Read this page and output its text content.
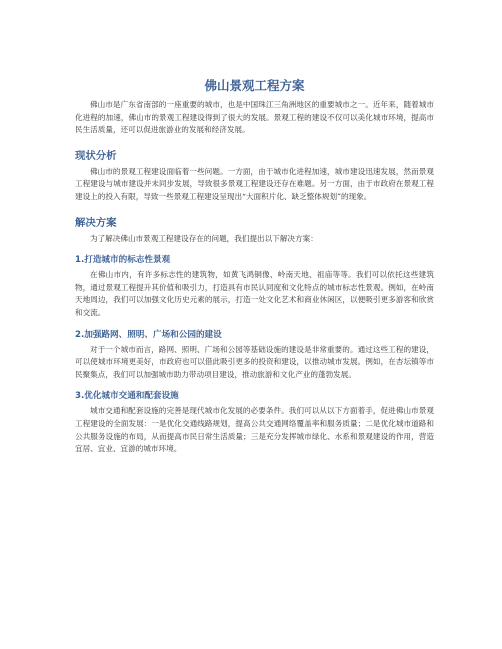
佛山景观工程方案

佛山市是广东省南部的一座重要的城市，也是中国珠江三角洲地区的重要城市之一。近年来，随着城市化进程的加速，佛山市的景观工程建设得到了很大的发展。景观工程的建设不仅可以美化城市环境，提高市民生活质量，还可以促进旅游业的发展和经济发展。

现状分析

佛山市的景观工程建设面临着一些问题。一方面，由于城市化进程加速，城市建设迅速发展，然而景观工程建设与城市建设并未同步发展，导致很多景观工程建设还存在难题。另一方面，由于市政府在景观工程建设上的投入有限，导致一些景观工程建设呈现出“大面积片化、缺乏整体规划”的现象。

解决方案

为了解决佛山市景观工程建设存在的问题，我们提出以下解决方案：

1.打造城市的标志性景观

在佛山市内，有许多标志性的建筑物，如黄飞鸿铜像、岭南天地、祖庙等等。我们可以依托这些建筑物，通过景观工程提升其价值和吸引力，打造具有市民认同度和文化特点的城市标志性景观。例如，在岭南天地周边，我们可以加强文化历史元素的展示，打造一处文化艺术和商业休闲区，以便吸引更多游客和欣赏和交流。

2.加强路网、照明、广场和公园的建设

对于一个城市而言，路网、照明、广场和公园等基础设施的建设是非常重要的。通过这些工程的建设，可以使城市环境更美好，市政府也可以借此吸引更多的投资和建设，以推动城市发展。例如，在杏坛镇等市民聚集点，我们可以加强城市助力带动项目建设，推动旅游和文化产业的蓬勃发展。

3.优化城市交通和配套设施

城市交通和配套设施的完善是现代城市化发展的必要条件。我们可以从以下方面着手，促进佛山市景观工程建设的全面发展：一是优化交通线路规划，提高公共交通网络覆盖率和服务质量；二是优化城市道路和公共服务设施的布局，从而提高市民日常生活质量；三是充分发挥城市绿化、水系和景观建设的作用，营造宜居、宜业、宜游的城市环境。
